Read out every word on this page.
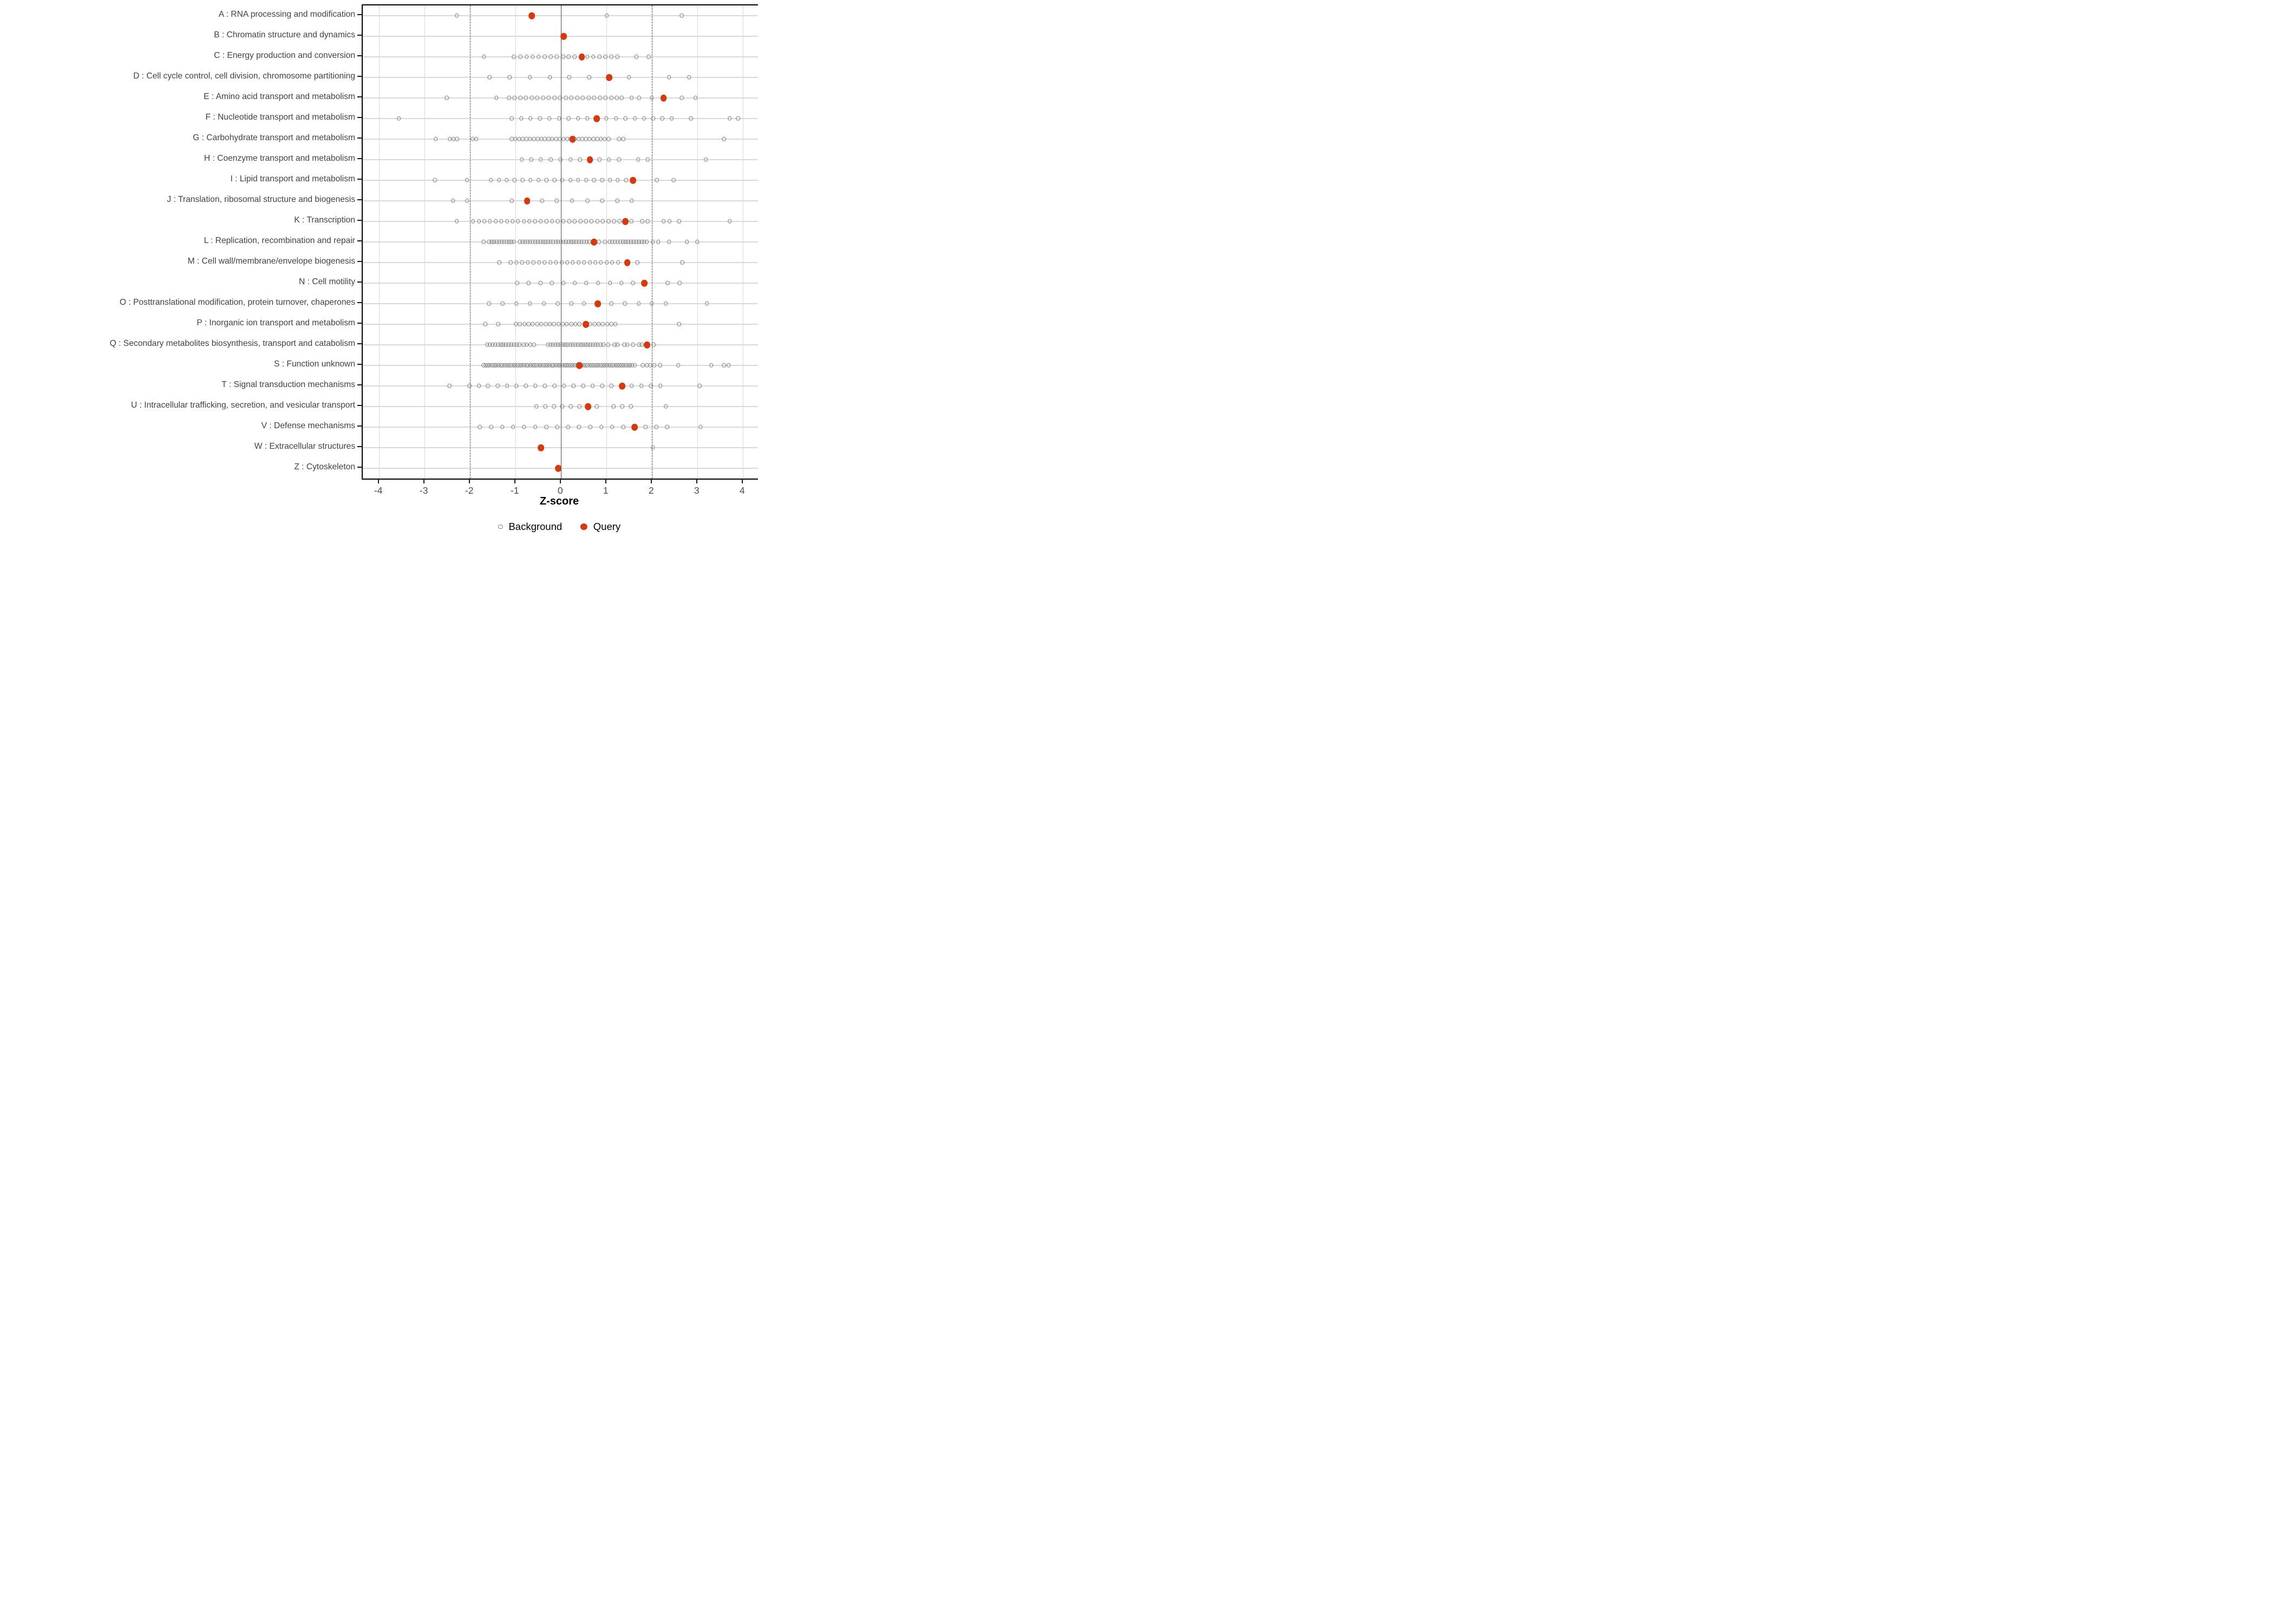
A : RNA processing and modification
B : Chromatin structure and dynamics
C : Energy production and conversion
D : Cell cycle control, cell division, chromosome partitioning
E : Amino acid transport and metabolism
F : Nucleotide transport and metabolism
G : Carbohydrate transport and metabolism
H : Coenzyme transport and metabolism
I : Lipid transport and metabolism
J : Translation, ribosomal structure and biogenesis
K : Transcription
L : Replication, recombination and repair
M : Cell wall/membrane/envelope biogenesis
N : Cell motility
O : Posttranslational modification, protein turnover, chaperones
P : Inorganic ion transport and metabolism
Q : Secondary metabolites biosynthesis, transport and catabolism
S : Function unknown
T : Signal transduction mechanisms
U : Intracellular trafficking, secretion, and vesicular transport
V : Defense mechanisms
W : Extracellular structures
Z : Cytoskeleton
-4	-3	-2	-1	0	1	2	3	4
Z-score
Background	Query
